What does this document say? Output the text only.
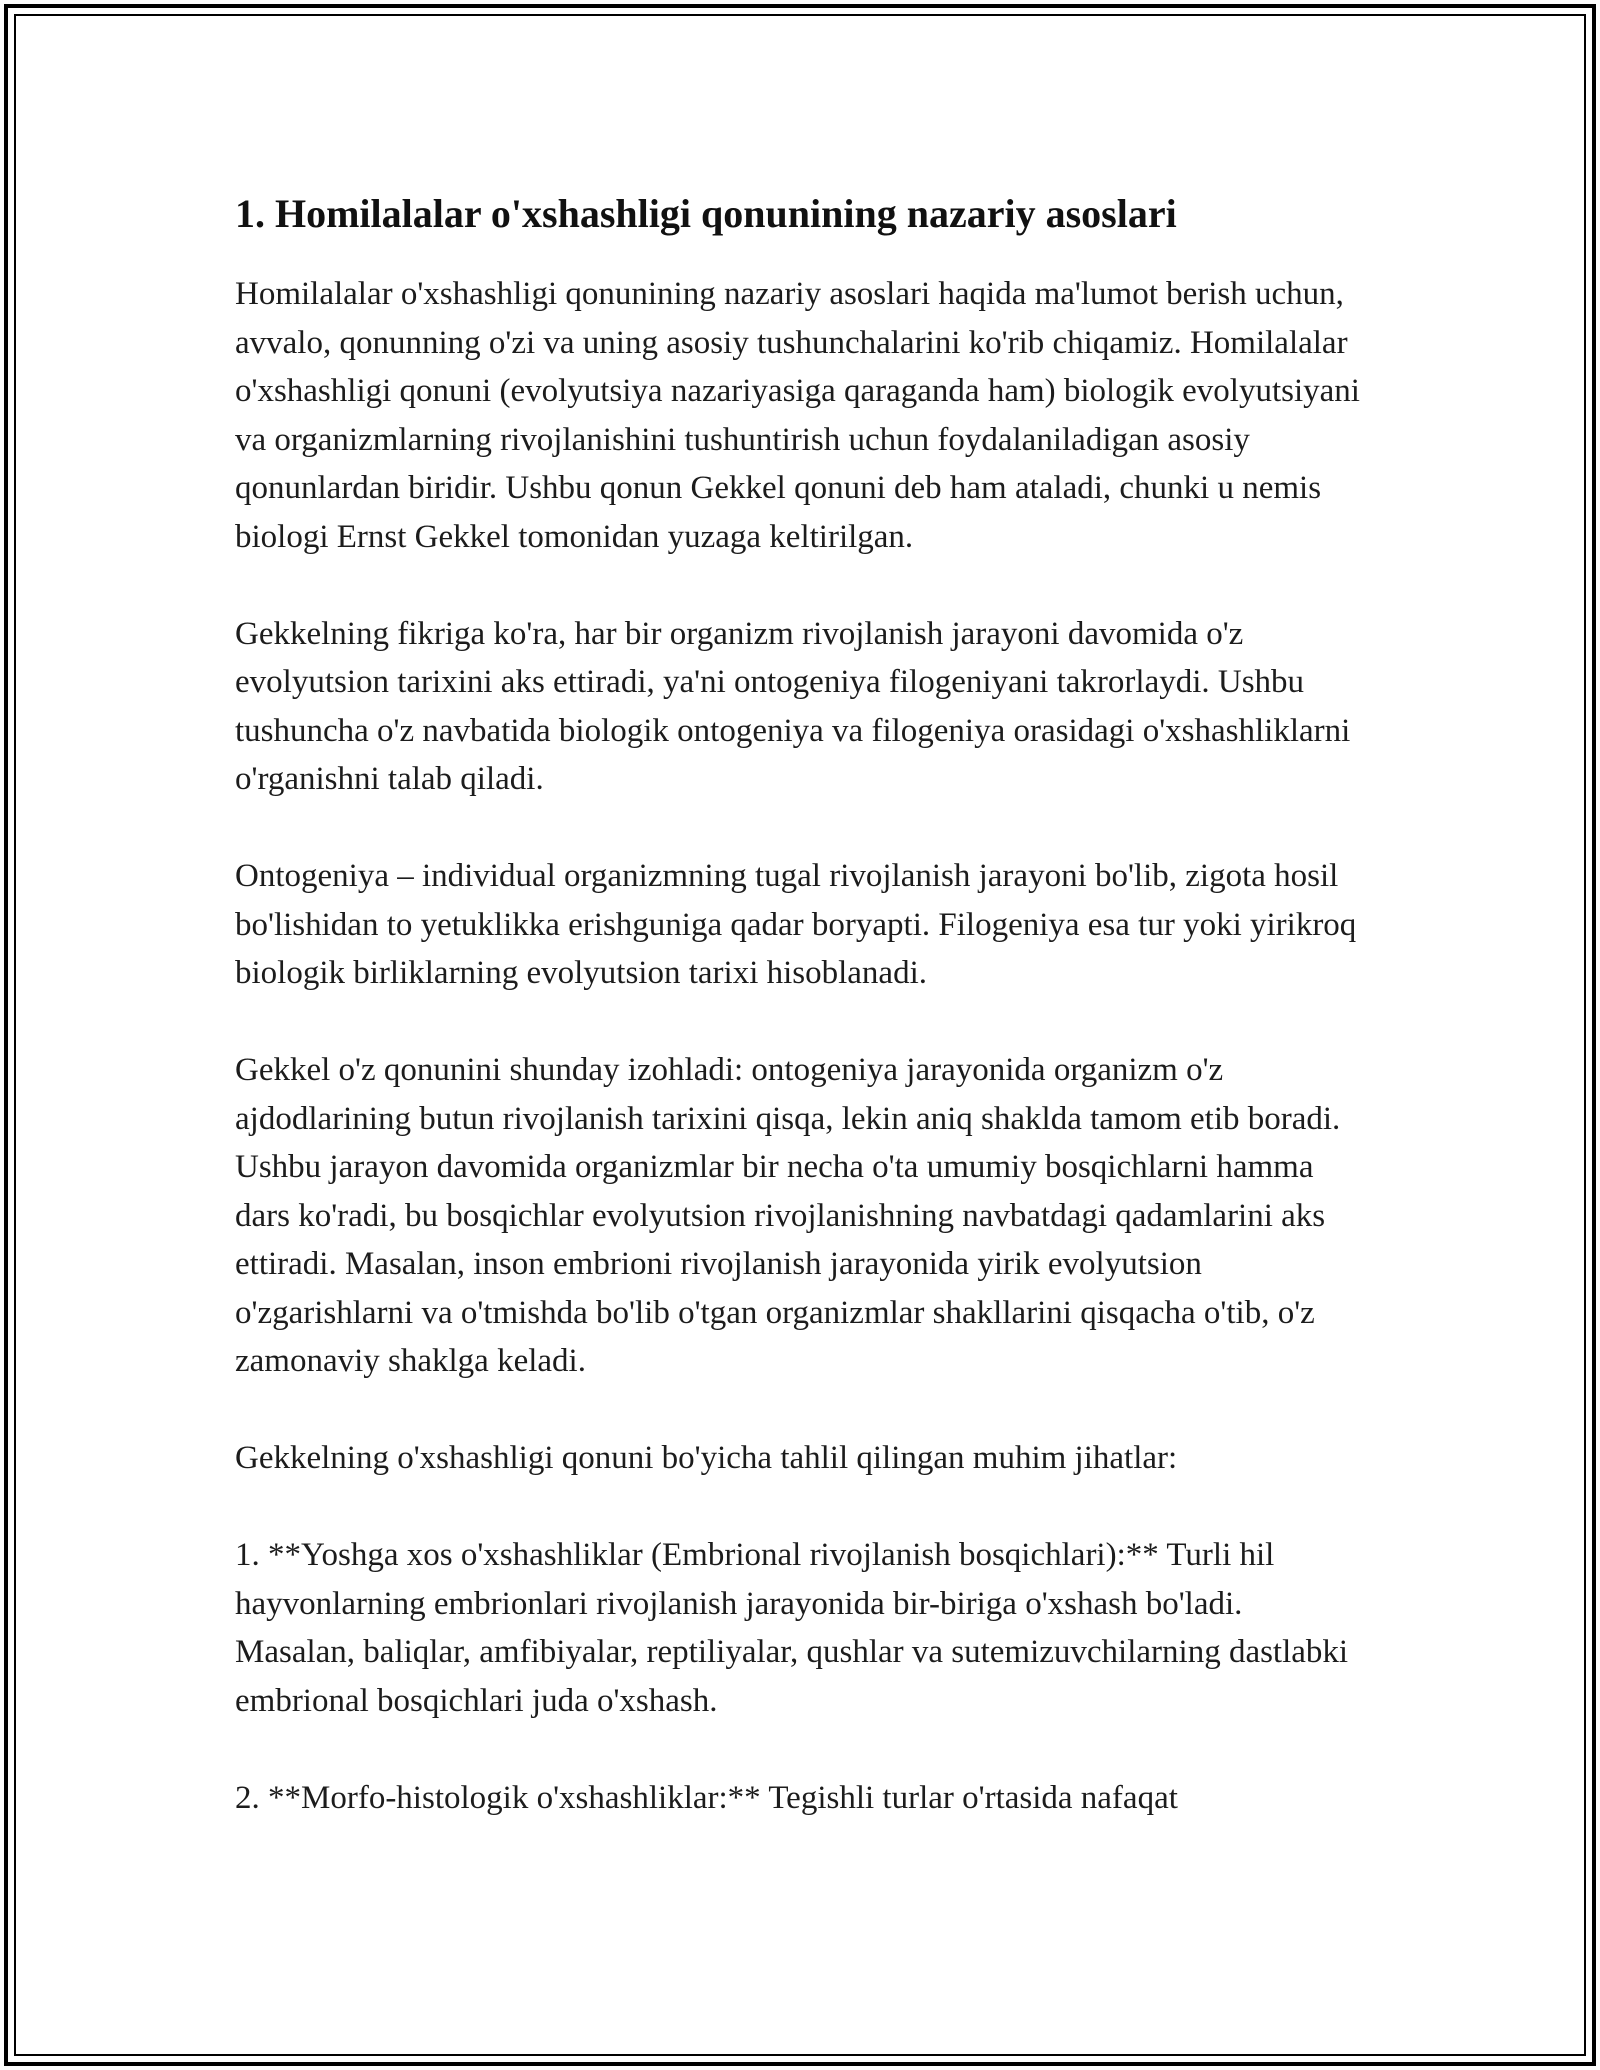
1. Homilalalar o'xshashligi qonunining nazariy asoslari

Homilalalar o'xshashligi qonunining nazariy asoslari haqida ma'lumot berish uchun, avvalo, qonunning o'zi va uning asosiy tushunchalarini ko'rib chiqamiz. Homilalalar o'xshashligi qonuni (evolyutsiya nazariyasiga qaraganda ham) biologik evolyutsiyani va organizmlarning rivojlanishini tushuntirish uchun foydalaniladigan asosiy qonunlardan biridir. Ushbu qonun Gekkel qonuni deb ham ataladi, chunki u nemis biologi Ernst Gekkel tomonidan yuzaga keltirilgan.

Gekkelning fikriga ko'ra, har bir organizm rivojlanish jarayoni davomida o'z evolyutsion tarixini aks ettiradi, ya'ni ontogeniya filogeniyani takrorlaydi. Ushbu tushuncha o'z navbatida biologik ontogeniya va filogeniya orasidagi o'xshashliklarni o'rganishni talab qiladi.

Ontogeniya – individual organizmning tugal rivojlanish jarayoni bo'lib, zigota hosil bo'lishidan to yetuklikka erishguniga qadar boryapti. Filogeniya esa tur yoki yirikroq biologik birliklarning evolyutsion tarixi hisoblanadi.

Gekkel o'z qonunini shunday izohladi: ontogeniya jarayonida organizm o'z ajdodlarining butun rivojlanish tarixini qisqa, lekin aniq shaklda tamom etib boradi. Ushbu jarayon davomida organizmlar bir necha o'ta umumiy bosqichlarni hamma dars ko'radi, bu bosqichlar evolyutsion rivojlanishning navbatdagi qadamlarini aks ettiradi. Masalan, inson embrioni rivojlanish jarayonida yirik evolyutsion o'zgarishlarni va o'tmishda bo'lib o'tgan organizmlar shakllarini qisqacha o'tib, o'z zamonaviy shaklga keladi.

Gekkelning o'xshashligi qonuni bo'yicha tahlil qilingan muhim jihatlar:

1. **Yoshga xos o'xshashliklar (Embrional rivojlanish bosqichlari):** Turli hil hayvonlarning embrionlari rivojlanish jarayonida bir-biriga o'xshash bo'ladi. Masalan, baliqlar, amfibiyalar, reptiliyalar, qushlar va sutemizuvchilarning dastlabki embrional bosqichlari juda o'xshash.

2. **Morfo-histologik o'xshashliklar:** Tegishli turlar o'rtasida nafaqat
